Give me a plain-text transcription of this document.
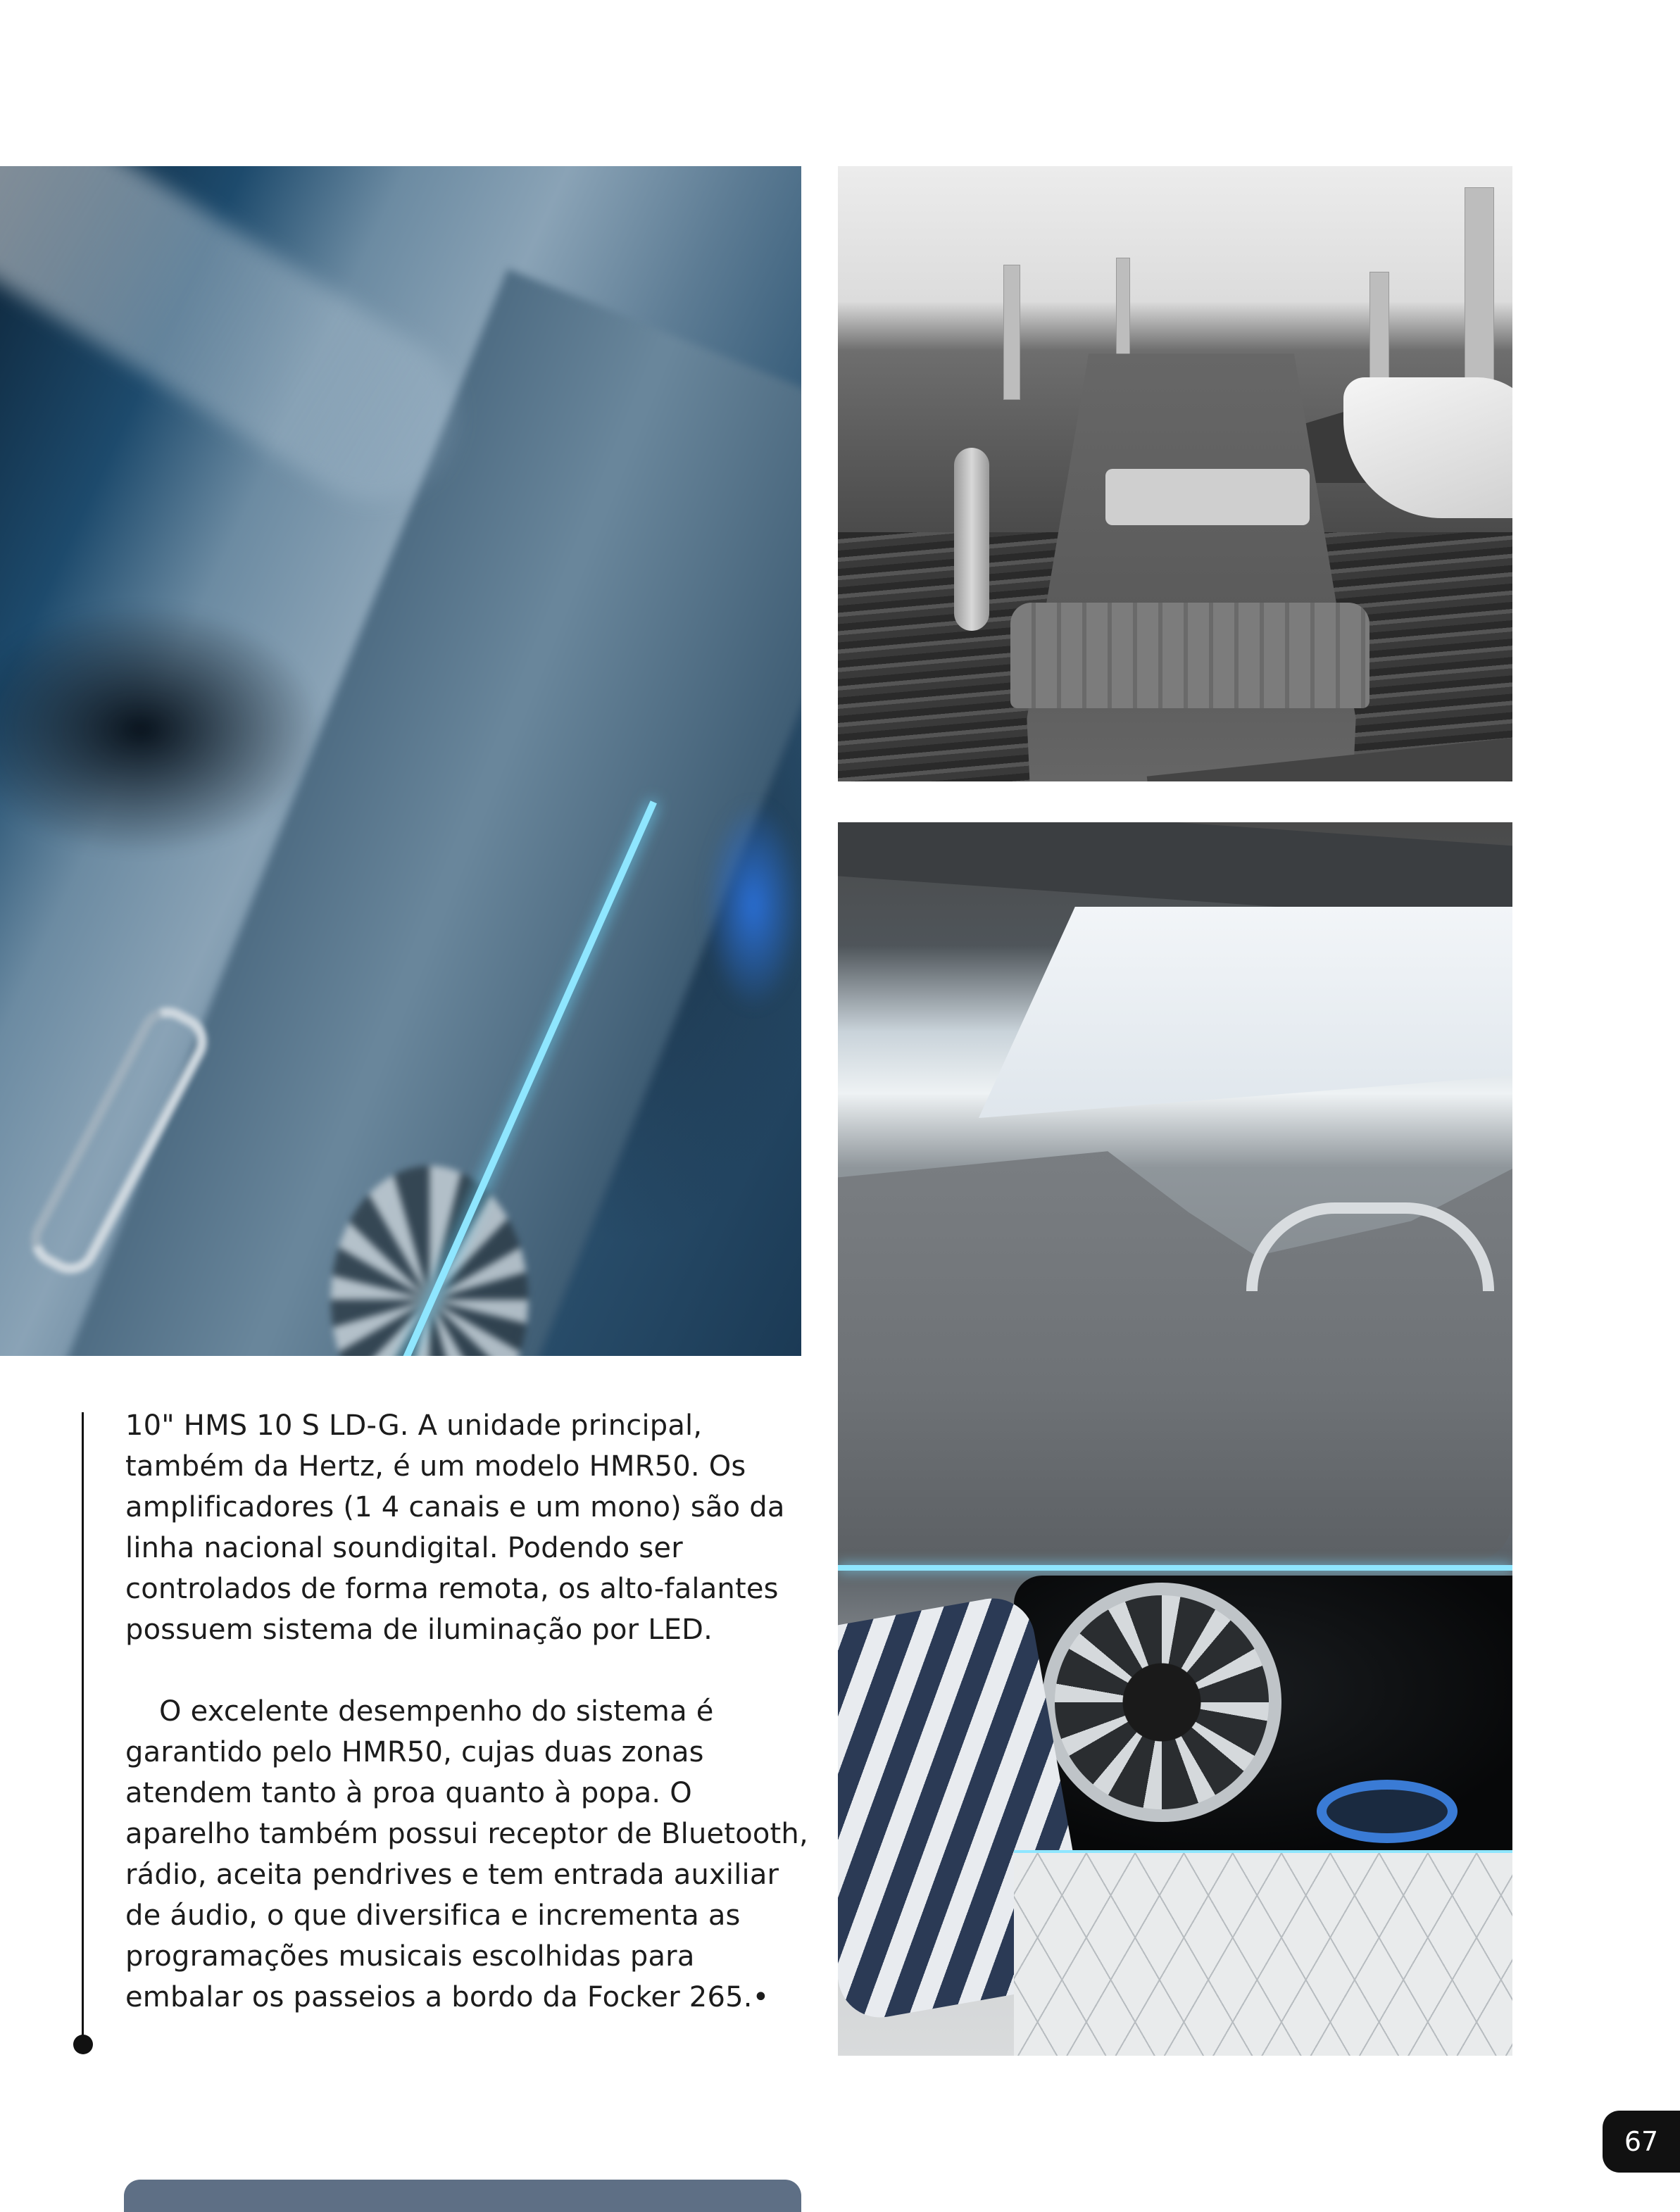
10" HMS 10 S LD-G. A unidade principal, também da Hertz, é um modelo HMR50. Os amplificadores (1 4 canais e um mono) são da linha nacional soundigital. Podendo ser controlados de forma remota, os alto-falantes possuem sistema de iluminação por LED.

O excelente desempenho do sistema é garantido pelo HMR50, cujas duas zonas atendem tanto à proa quanto à popa. O aparelho também possui receptor de Bluetooth, rádio, aceita pendrives e tem entrada auxiliar de áudio, o que diversifica e incrementa as programações musicais escolhidas para embalar os passeios a bordo da Focker 265.•

67
